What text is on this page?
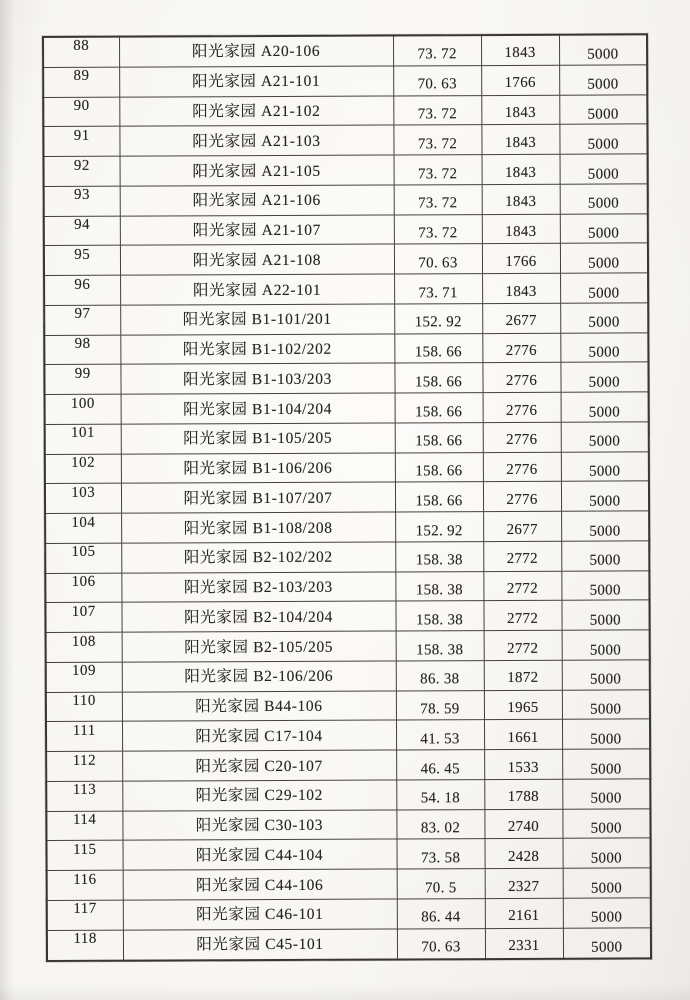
88	阳光家园 A20-106	73. 72	1843	5000
89	阳光家园 A21-101	70. 63	1766	5000
90	阳光家园 A21-102	73. 72	1843	5000
91	阳光家园 A21-103	73. 72	1843	5000
92	阳光家园 A21-105	73. 72	1843	5000
93	阳光家园 A21-106	73. 72	1843	5000
94	阳光家园 A21-107	73. 72	1843	5000
95	阳光家园 A21-108	70. 63	1766	5000
96	阳光家园 A22-101	73. 71	1843	5000
97	阳光家园 B1-101/201	152. 92	2677	5000
98	阳光家园 B1-102/202	158. 66	2776	5000
99	阳光家园 B1-103/203	158. 66	2776	5000
100	阳光家园 B1-104/204	158. 66	2776	5000
101	阳光家园 B1-105/205	158. 66	2776	5000
102	阳光家园 B1-106/206	158. 66	2776	5000
103	阳光家园 B1-107/207	158. 66	2776	5000
104	阳光家园 B1-108/208	152. 92	2677	5000
105	阳光家园 B2-102/202	158. 38	2772	5000
106	阳光家园 B2-103/203	158. 38	2772	5000
107	阳光家园 B2-104/204	158. 38	2772	5000
108	阳光家园 B2-105/205	158. 38	2772	5000
109	阳光家园 B2-106/206	86. 38	1872	5000
110	阳光家园 B44-106	78. 59	1965	5000
111	阳光家园 C17-104	41. 53	1661	5000
112	阳光家园 C20-107	46. 45	1533	5000
113	阳光家园 C29-102	54. 18	1788	5000
114	阳光家园 C30-103	83. 02	2740	5000
115	阳光家园 C44-104	73. 58	2428	5000
116	阳光家园 C44-106	70. 5	2327	5000
117	阳光家园 C46-101	86. 44	2161	5000
118	阳光家园 C45-101	70. 63	2331	5000
